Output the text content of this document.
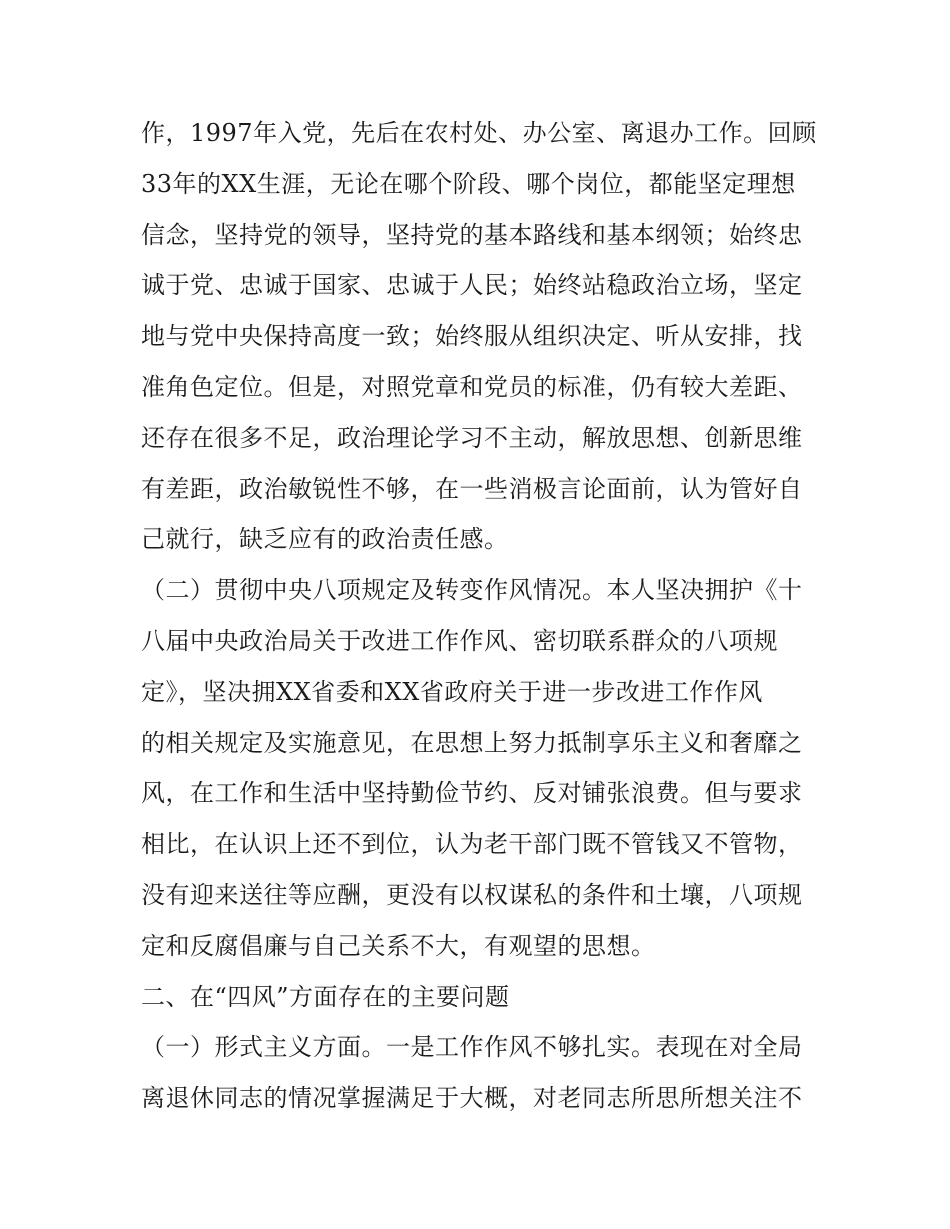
作，1997年入党，先后在农村处、办公室、离退办工作。回顾
33年的XX生涯，无论在哪个阶段、哪个岗位，都能坚定理想
信念，坚持党的领导，坚持党的基本路线和基本纲领；始终忠
诚于党、忠诚于国家、忠诚于人民；始终站稳政治立场，坚定
地与党中央保持高度一致；始终服从组织决定、听从安排，找
准角色定位。但是，对照党章和党员的标准，仍有较大差距、
还存在很多不足，政治理论学习不主动，解放思想、创新思维
有差距，政治敏锐性不够，在一些消极言论面前，认为管好自
己就行，缺乏应有的政治责任感。
（二）贯彻中央八项规定及转变作风情况。本人坚决拥护《十
八届中央政治局关于改进工作作风、密切联系群众的八项规
定》，坚决拥XX省委和XX省政府关于进一步改进工作作风
的相关规定及实施意见，在思想上努力抵制享乐主义和奢靡之
风，在工作和生活中坚持勤俭节约、反对铺张浪费。但与要求
相比，在认识上还不到位，认为老干部门既不管钱又不管物，
没有迎来送往等应酬，更没有以权谋私的条件和土壤，八项规
定和反腐倡廉与自己关系不大，有观望的思想。
二、在“四风”方面存在的主要问题
（一）形式主义方面。一是工作作风不够扎实。表现在对全局
离退休同志的情况掌握满足于大概，对老同志所思所想关注不
